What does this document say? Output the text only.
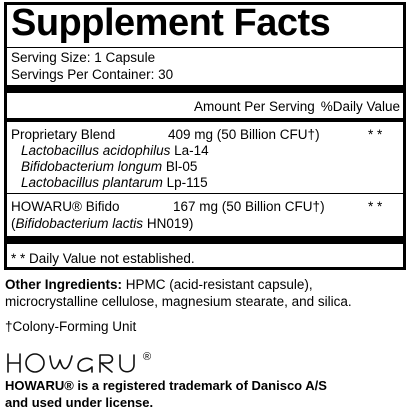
Supplement Facts
Serving Size: 1 Capsule
Servings Per Container: 30
Amount Per Serving %Daily Value
Proprietary Blend	409 mg (50 Billion CFU†)	* *
Lactobacillus acidophilus La-14
Bifidobacterium longum Bl-05
Lactobacillus plantarum Lp-115
HOWARU® Bifido	167 mg (50 Billion CFU†)	* *
(Bifidobacterium lactis HN019)
* * Daily Value not established.
Other Ingredients: HPMC (acid-resistant capsule),
microcrystalline cellulose, magnesium stearate, and silica.
†Colony-Forming Unit
®
HOWARU® is a registered trademark of Danisco A/S
and used under license.
